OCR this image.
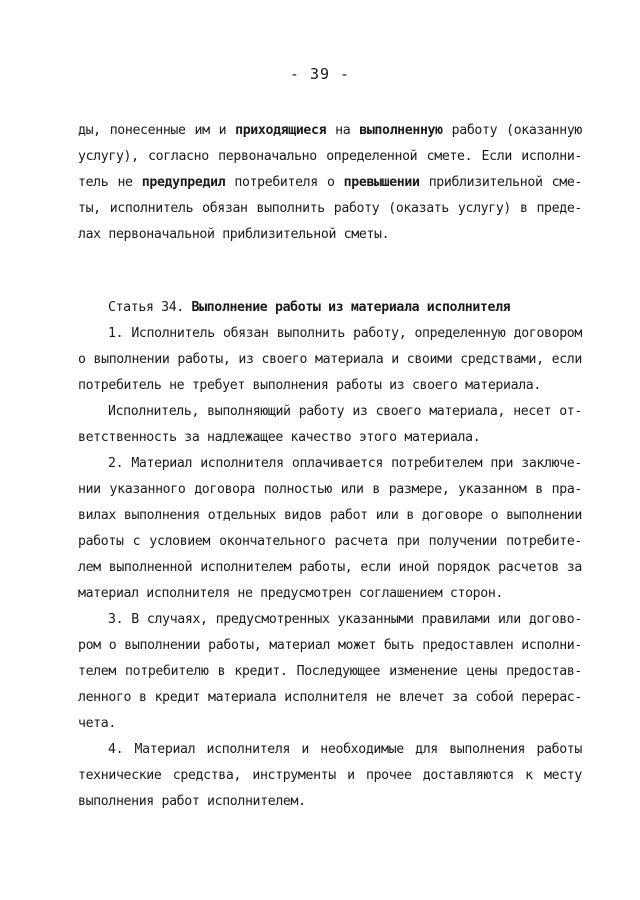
- 39 -
ды, понесенные им и приходящиеся на выполненную работу (оказанную
услугу), согласно первоначально определенной смете. Если исполни-
тель не предупредил потребителя о превышении приблизительной сме-
ты, исполнитель обязан выполнить работу (оказать услугу) в преде-
лах первоначальной приблизительной сметы.
Статья 34. Выполнение работы из материала исполнителя
1. Исполнитель обязан выполнить работу, определенную договором
о выполнении работы, из своего материала и своими средствами, если
потребитель не требует выполнения работы из своего материала.
Исполнитель, выполняющий работу из своего материала, несет от-
ветственность за надлежащее качество этого материала.
2. Материал исполнителя оплачивается потребителем при заключе-
нии указанного договора полностью или в размере, указанном в пра-
вилах выполнения отдельных видов работ или в договоре о выполнении
работы с условием окончательного расчета при получении потребите-
лем выполненной исполнителем работы, если иной порядок расчетов за
материал исполнителя не предусмотрен соглашением сторон.
3. В случаях, предусмотренных указанными правилами или догово-
ром о выполнении работы, материал может быть предоставлен исполни-
телем потребителю в кредит. Последующее изменение цены предостав-
ленного в кредит материала исполнителя не влечет за собой перерас-
чета.
4. Материал исполнителя и необходимые для выполнения работы
технические средства, инструменты и прочее доставляются к месту
выполнения работ исполнителем.
